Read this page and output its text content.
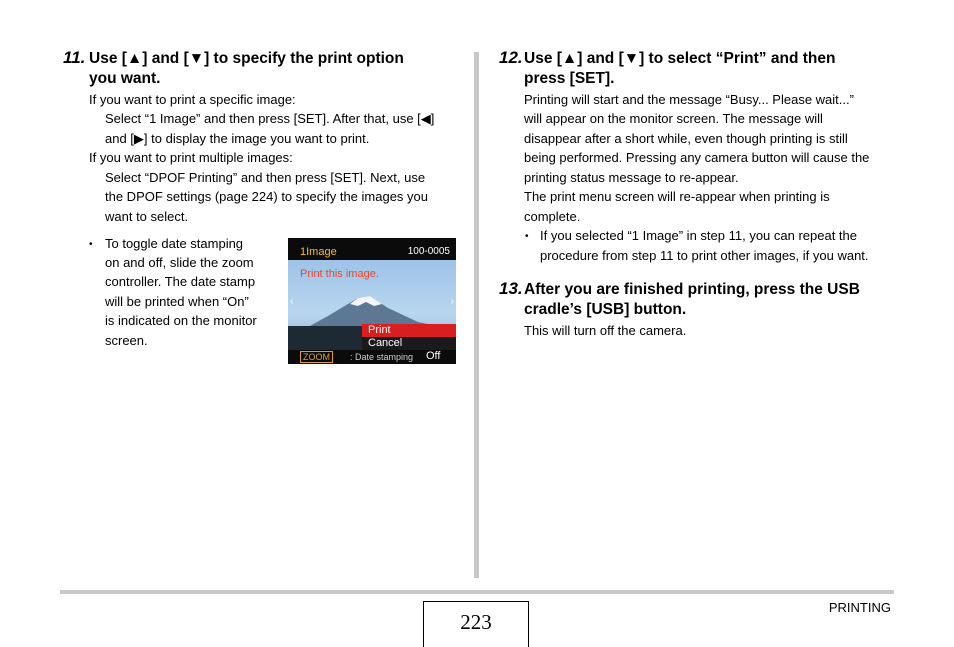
11. Use [▲] and [▼] to specify the print option
you want.
If you want to print a specific image:
Select “1 Image” and then press [SET]. After that, use [◀]
and [▶] to display the image you want to print.
If you want to print multiple images:
Select “DPOF Printing” and then press [SET]. Next, use
the DPOF settings (page 224) to specify the images you
want to select.
• To toggle date stamping
on and off, slide the zoom
controller. The date stamp
will be printed when “On”
is indicated on the monitor
screen.
1Image	100-0005
Print this image.
‹	›
Print
Cancel
ZOOM	: Date stamping Off
12. Use [▲] and [▼] to select “Print” and then
press [SET].
Printing will start and the message “Busy... Please wait...”
will appear on the monitor screen. The message will
disappear after a short while, even though printing is still
being performed. Pressing any camera button will cause the
printing status message to re-appear.
The print menu screen will re-appear when printing is
complete.
• If you selected “1 Image” in step 11, you can repeat the
procedure from step 11 to print other images, if you want.
13. After you are finished printing, press the USB
cradle’s [USB] button.
This will turn off the camera.
223
PRINTING
